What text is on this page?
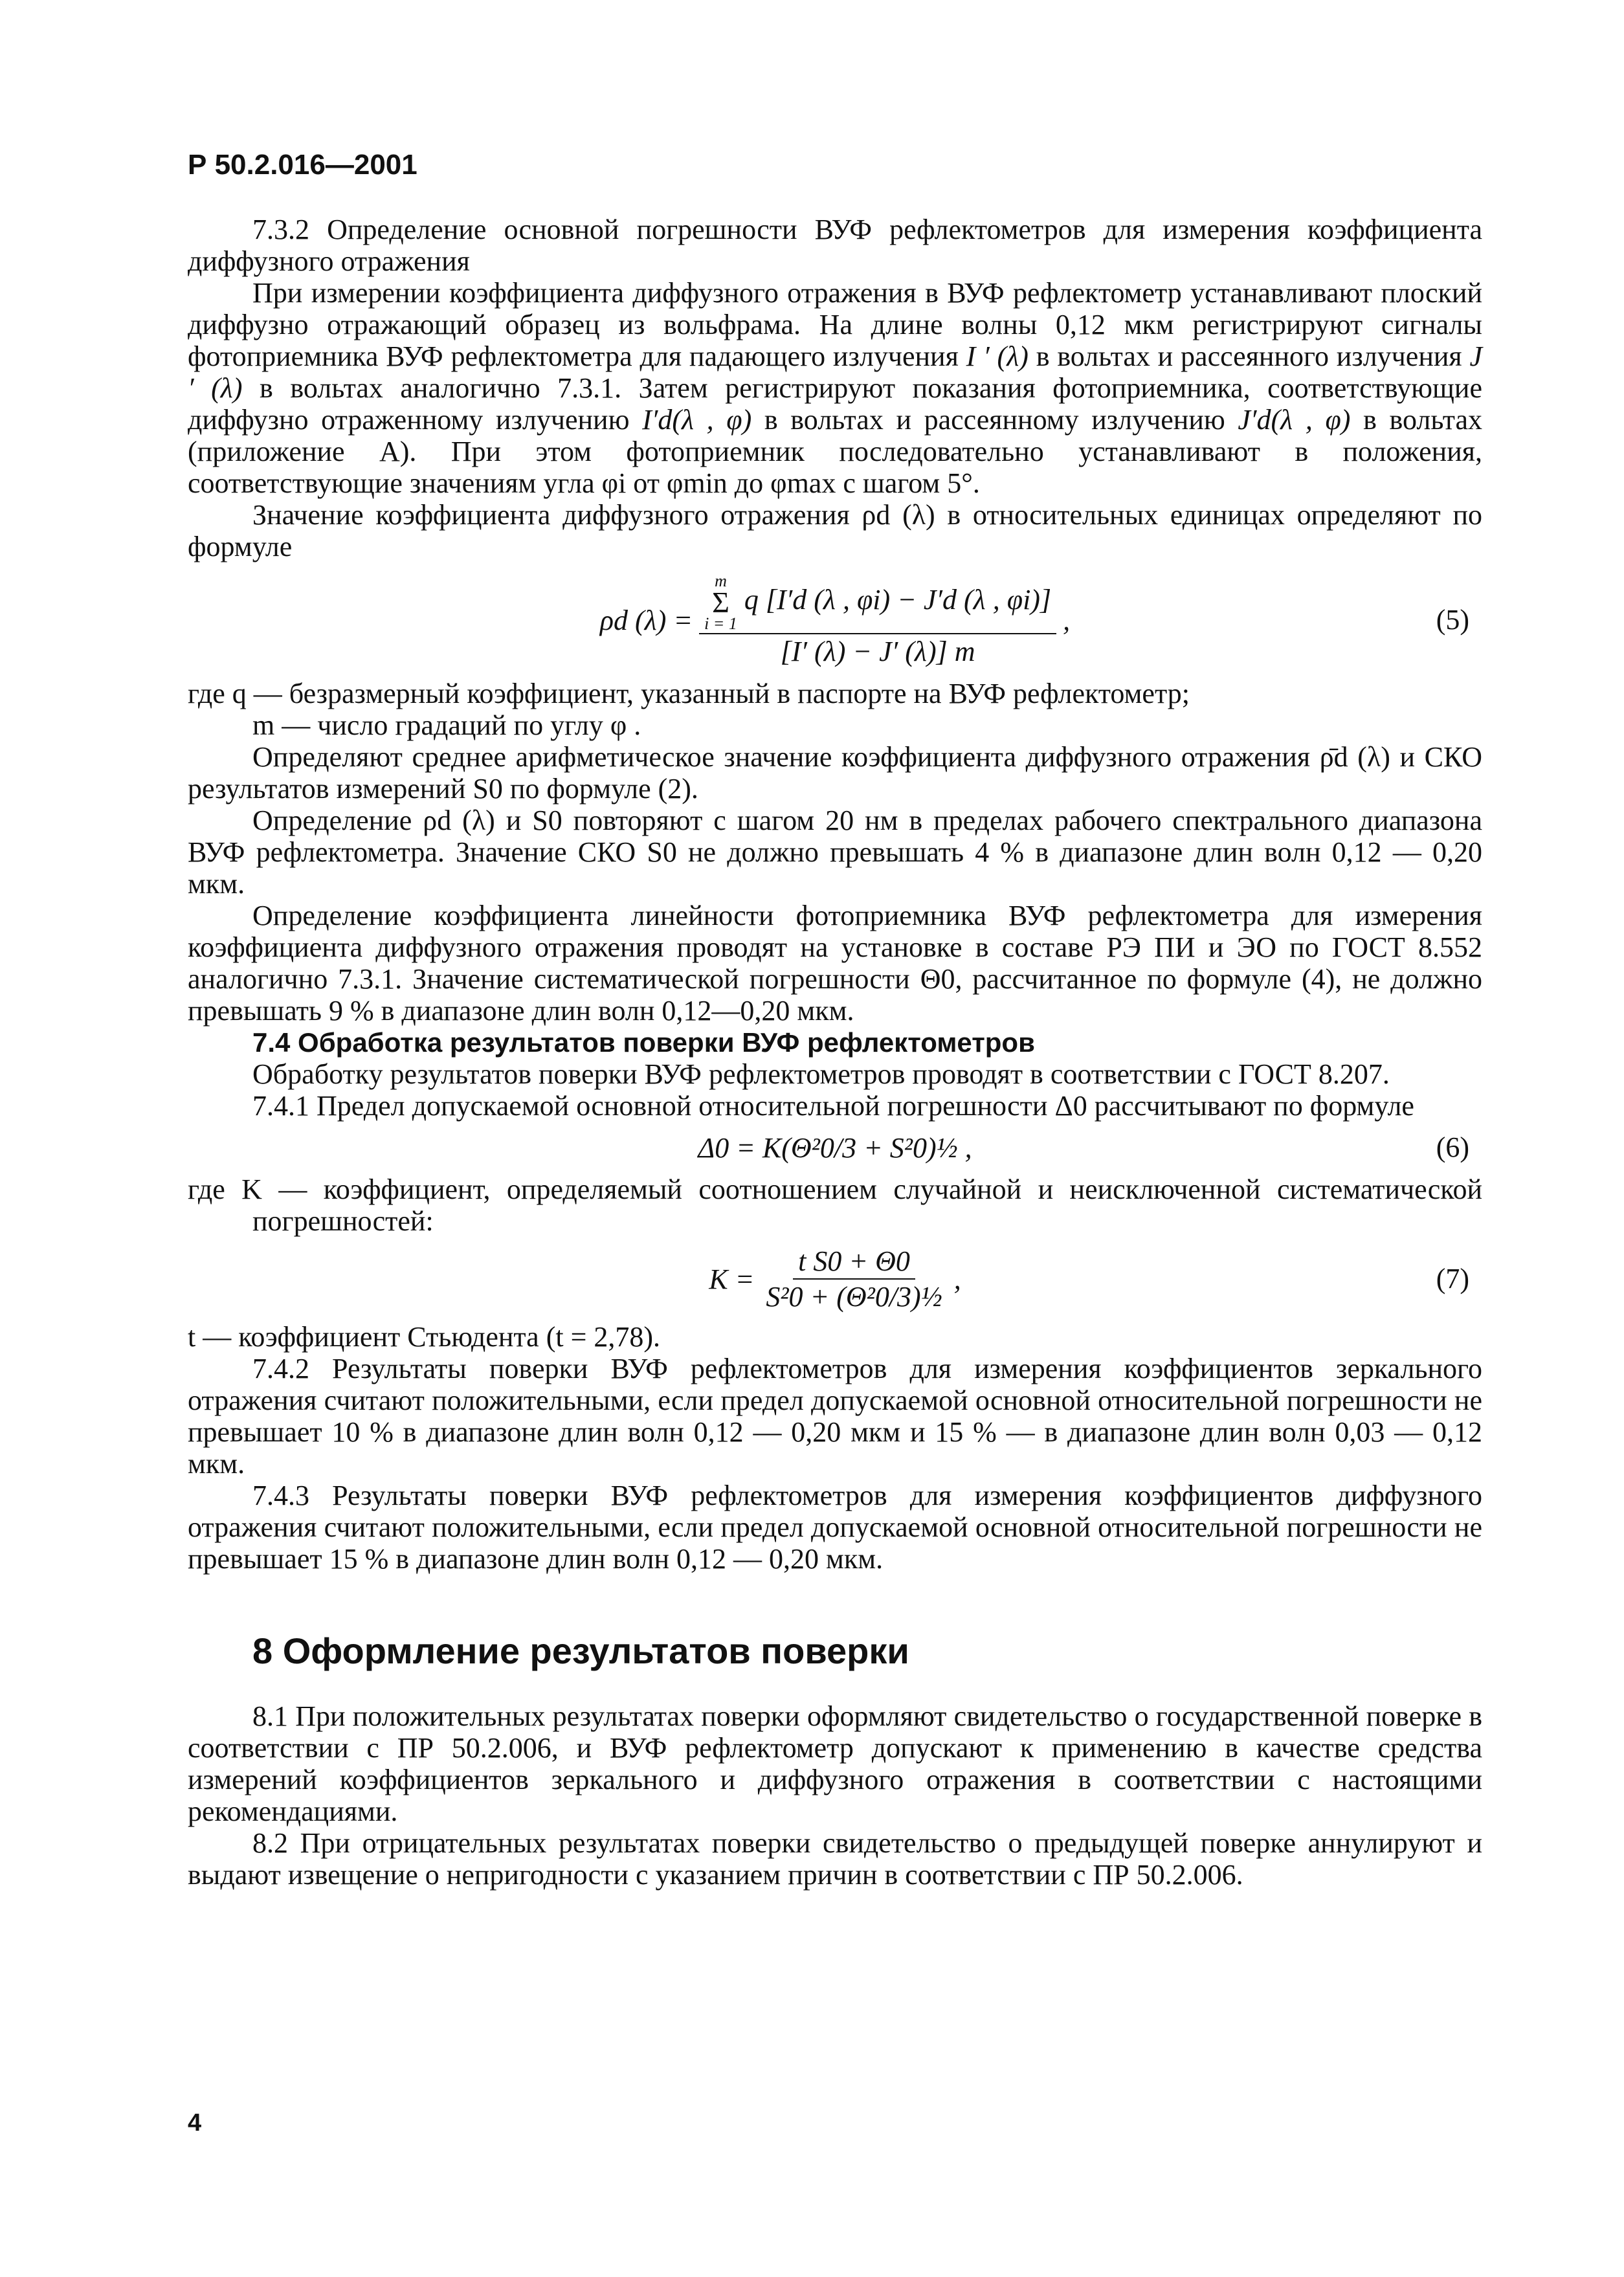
Р 50.2.016—2001

7.3.2 Определение основной погрешности ВУФ рефлектометров для измерения коэффициента диффузного отражения

При измерении коэффициента диффузного отражения в ВУФ рефлектометр устанавливают плоский диффузно отражающий образец из вольфрама. На длине волны 0,12 мкм регистрируют сигналы фотоприемника ВУФ рефлектометра для падающего излучения I ′ (λ) в вольтах и рассеянного излучения J ′ (λ) в вольтах аналогично 7.3.1. Затем регистрируют показания фотоприемника, соответствующие диффузно отраженному излучению I′d(λ , φ) в вольтах и рассеянному излучению J′d(λ , φ) в вольтах (приложение А). При этом фотоприемник последовательно устанавливают в положения, соответствующие значениям угла φi от φmin до φmax с шагом 5°.

Значение коэффициента диффузного отражения ρd (λ) в относительных единицах определяют по формуле

ρd (λ) =
m
Σ
i = 1
q [I′d (λ , φi) − J′d (λ , φi)]
[I′ (λ) − J′ (λ)] m
,	(5)

где q — безразмерный коэффициент, указанный в паспорте на ВУФ рефлектометр;

m — число градаций по углу φ .

Определяют среднее арифметическое значение коэффициента диффузного отражения ρ̄d (λ) и СКО результатов измерений S0 по формуле (2).

Определение ρd (λ) и S0 повторяют с шагом 20 нм в пределах рабочего спектрального диапазона ВУФ рефлектометра. Значение СКО S0 не должно превышать 4 % в диапазоне длин волн 0,12 — 0,20 мкм.

Определение коэффициента линейности фотоприемника ВУФ рефлектометра для измерения коэффициента диффузного отражения проводят на установке в составе РЭ ПИ и ЭО по ГОСТ 8.552 аналогично 7.3.1. Значение систематической погрешности Θ0, рассчитанное по формуле (4), не должно превышать 9 % в диапазоне длин волн 0,12—0,20 мкм.

7.4 Обработка результатов поверки ВУФ рефлектометров

Обработку результатов поверки ВУФ рефлектометров проводят в соответствии с ГОСТ 8.207.

7.4.1 Предел допускаемой основной относительной погрешности Δ0 рассчитывают по формуле

Δ0 = K(Θ²0/3 + S²0)½ ,	(6)

где K — коэффициент, определяемый соотношением случайной и неисключенной систематической погрешностей:

$K = \frac{\text{t S0 + Θ0}}{\text{S²0 + (Θ²0/3)½}}$ ,	(7)

t — коэффициент Стьюдента (t = 2,78).

7.4.2 Результаты поверки ВУФ рефлектометров для измерения коэффициентов зеркального отражения считают положительными, если предел допускаемой основной относительной погрешности не превышает 10 % в диапазоне длин волн 0,12 — 0,20 мкм и 15 % — в диапазоне длин волн 0,03 — 0,12 мкм.

7.4.3 Результаты поверки ВУФ рефлектометров для измерения коэффициентов диффузного отражения считают положительными, если предел допускаемой основной относительной погрешности не превышает 15 % в диапазоне длин волн 0,12 — 0,20 мкм.

8 Оформление результатов поверки

8.1 При положительных результатах поверки оформляют свидетельство о государственной поверке в соответствии с ПР 50.2.006, и ВУФ рефлектометр допускают к применению в качестве средства измерений коэффициентов зеркального и диффузного отражения в соответствии с настоящими рекомендациями.

8.2 При отрицательных результатах поверки свидетельство о предыдущей поверке аннулируют и выдают извещение о непригодности с указанием причин в соответствии с ПР 50.2.006.

4
